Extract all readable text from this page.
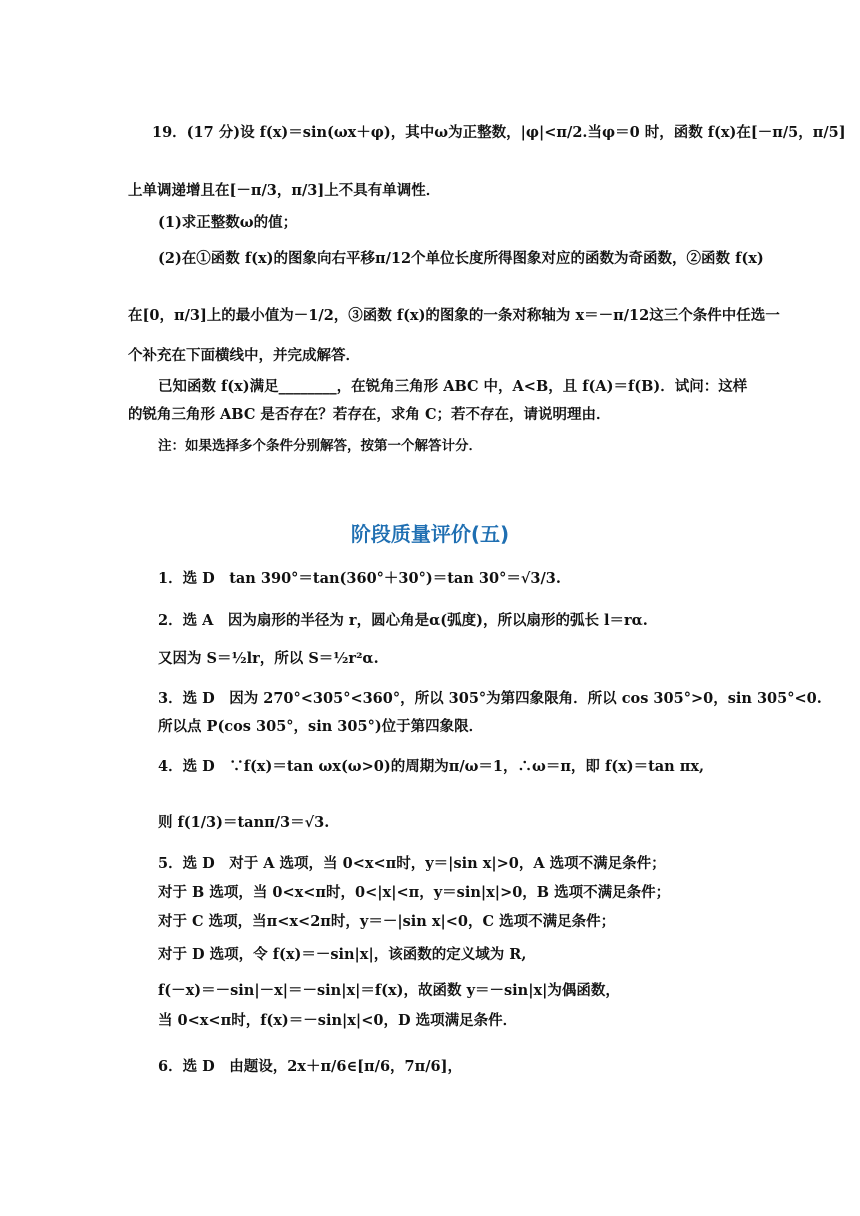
19．(17 分)设 f(x)＝sin(ωx＋φ)，其中ω为正整数，|φ|<π/2.当φ＝0 时，函数 f(x)在[－π/5，π/5]
上单调递增且在[－π/3，π/3]上不具有单调性．
(1)求正整数ω的值；
(2)在①函数 f(x)的图象向右平移π/12个单位长度所得图象对应的函数为奇函数，②函数 f(x)
在[0，π/3]上的最小值为－1/2，③函数 f(x)的图象的一条对称轴为 x＝－π/12这三个条件中任选一
个补充在下面横线中，并完成解答．
已知函数 f(x)满足________，在锐角三角形 ABC 中，A<B，且 f(A)＝f(B)．试问：这样
的锐角三角形 ABC 是否存在？若存在，求角 C；若不存在，请说明理由．
注：如果选择多个条件分别解答，按第一个解答计分．
阶段质量评价(五)
1．选 D　tan 390°＝tan(360°＋30°)＝tan 30°＝√3/3.
2．选 A　因为扇形的半径为 r，圆心角是α(弧度)，所以扇形的弧长 l＝rα.
又因为 S＝½lr，所以 S＝½r²α.
3．选 D　因为 270°<305°<360°，所以 305°为第四象限角．所以 cos 305°>0，sin 305°<0.
所以点 P(cos 305°，sin 305°)位于第四象限．
4．选 D　∵f(x)＝tan ωx(ω>0)的周期为π/ω＝1，∴ω＝π，即 f(x)＝tan πx,
则 f(1/3)＝tanπ/3＝√3.
5．选 D　对于 A 选项，当 0<x<π时，y＝|sin x|>0，A 选项不满足条件；
对于 B 选项，当 0<x<π时，0<|x|<π，y＝sin|x|>0，B 选项不满足条件；
对于 C 选项，当π<x<2π时，y＝－|sin x|<0，C 选项不满足条件；
对于 D 选项，令 f(x)＝－sin|x|，该函数的定义域为 R,
f(－x)＝－sin|－x|＝－sin|x|＝f(x)，故函数 y＝－sin|x|为偶函数，
当 0<x<π时，f(x)＝－sin|x|<0，D 选项满足条件．
6．选 D　由题设，2x＋π/6∈[π/6，7π/6]，
